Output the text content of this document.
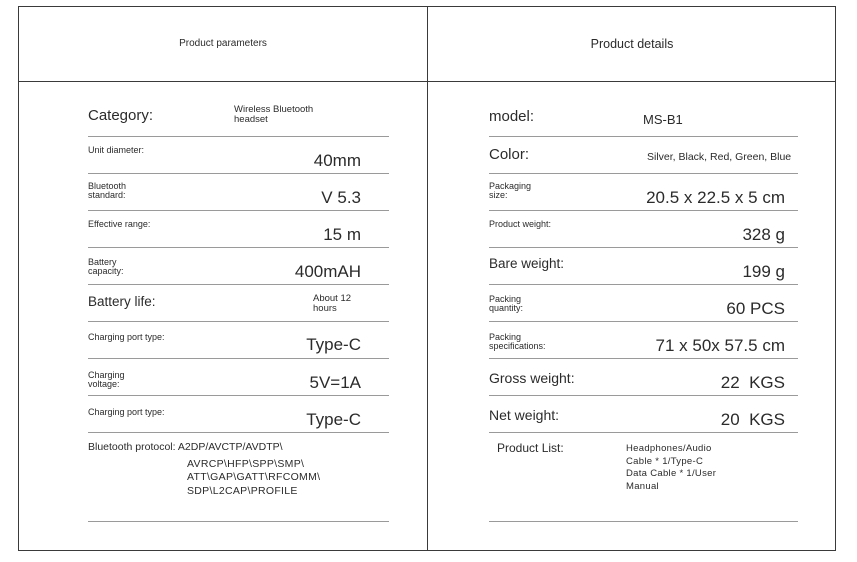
Product parameters	Product details
Category:	Wireless Bluetooth
headset
Unit diameter:
40mm
Bluetooth
standard:	V 5.3
Effective range:
15 m
Battery
capacity:	400mAH
Battery life:	About 12
hours
Charging port type:	Type-C
Charging
voltage:	5V=1A
Charging port type:	Type-C
Bluetooth protocol: A2DP/AVCTP/AVDTP\
AVRCP\HFP\SPP\SMP\
ATT\GAP\GATT\RFCOMM\
SDP\L2CAP\PROFILE
model:	MS-B1
Color:	Silver, Black, Red, Green, Blue
Packaging
size:	20.5 x 22.5 x 5 cm
Product weight:
328 g
Bare weight:	199 g
Packing
quantity:	60 PCS
Packing
specifications:	71 x 50x 57.5 cm
Gross weight:	22  KGS
Net weight:	20  KGS
Product List:	Headphones/Audio
Cable * 1/Type-C
Data Cable * 1/User
Manual
